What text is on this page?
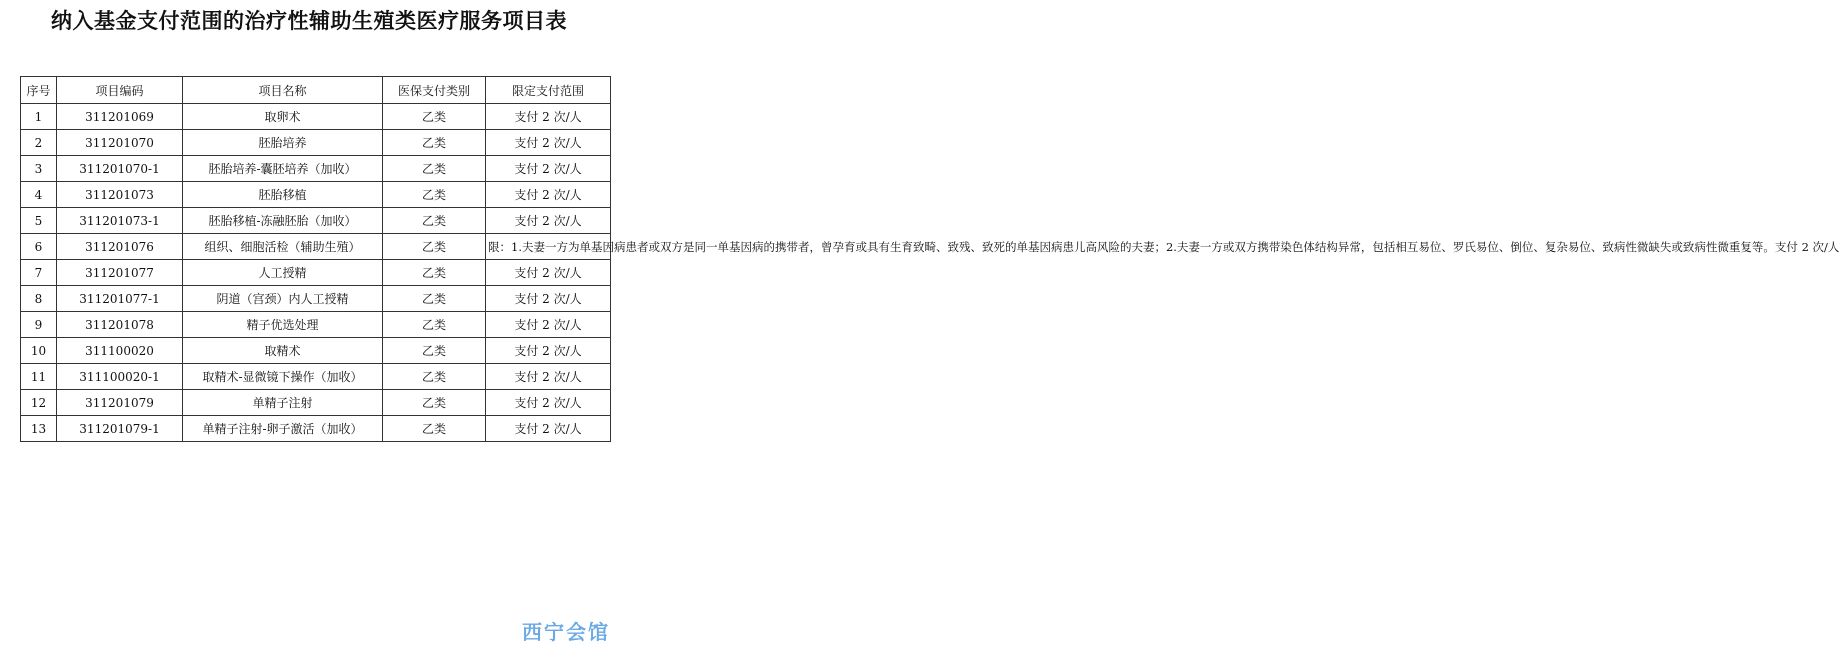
纳入基金支付范围的治疗性辅助生殖类医疗服务项目表
序号	项目编码	项目名称	医保支付类别	限定支付范围
1	311201069	取卵术	乙类	支付 2 次/人
2	311201070	胚胎培养	乙类	支付 2 次/人
3	311201070-1	胚胎培养-囊胚培养（加收）	乙类	支付 2 次/人
4	311201073	胚胎移植	乙类	支付 2 次/人
5	311201073-1	胚胎移植-冻融胚胎（加收）	乙类	支付 2 次/人
6	311201076	组织、细胞活检（辅助生殖）	乙类	限：1.夫妻一方为单基因病患者或双方是同一单基因病的携带者，曾孕育或具有生育致畸、致残、致死的单基因病患儿高风险的夫妻；2.夫妻一方或双方携带染色体结构异常，包括相互易位、罗氏易位、倒位、复杂易位、致病性微缺失或致病性微重复等。支付 2 次/人
7	311201077	人工授精	乙类	支付 2 次/人
8	311201077-1	阴道（宫颈）内人工授精	乙类	支付 2 次/人
9	311201078	精子优选处理	乙类	支付 2 次/人
10	311100020	取精术	乙类	支付 2 次/人
11	311100020-1	取精术-显微镜下操作（加收）	乙类	支付 2 次/人
12	311201079	单精子注射	乙类	支付 2 次/人
13	311201079-1	单精子注射-卵子激活（加收）	乙类	支付 2 次/人
西宁会馆
